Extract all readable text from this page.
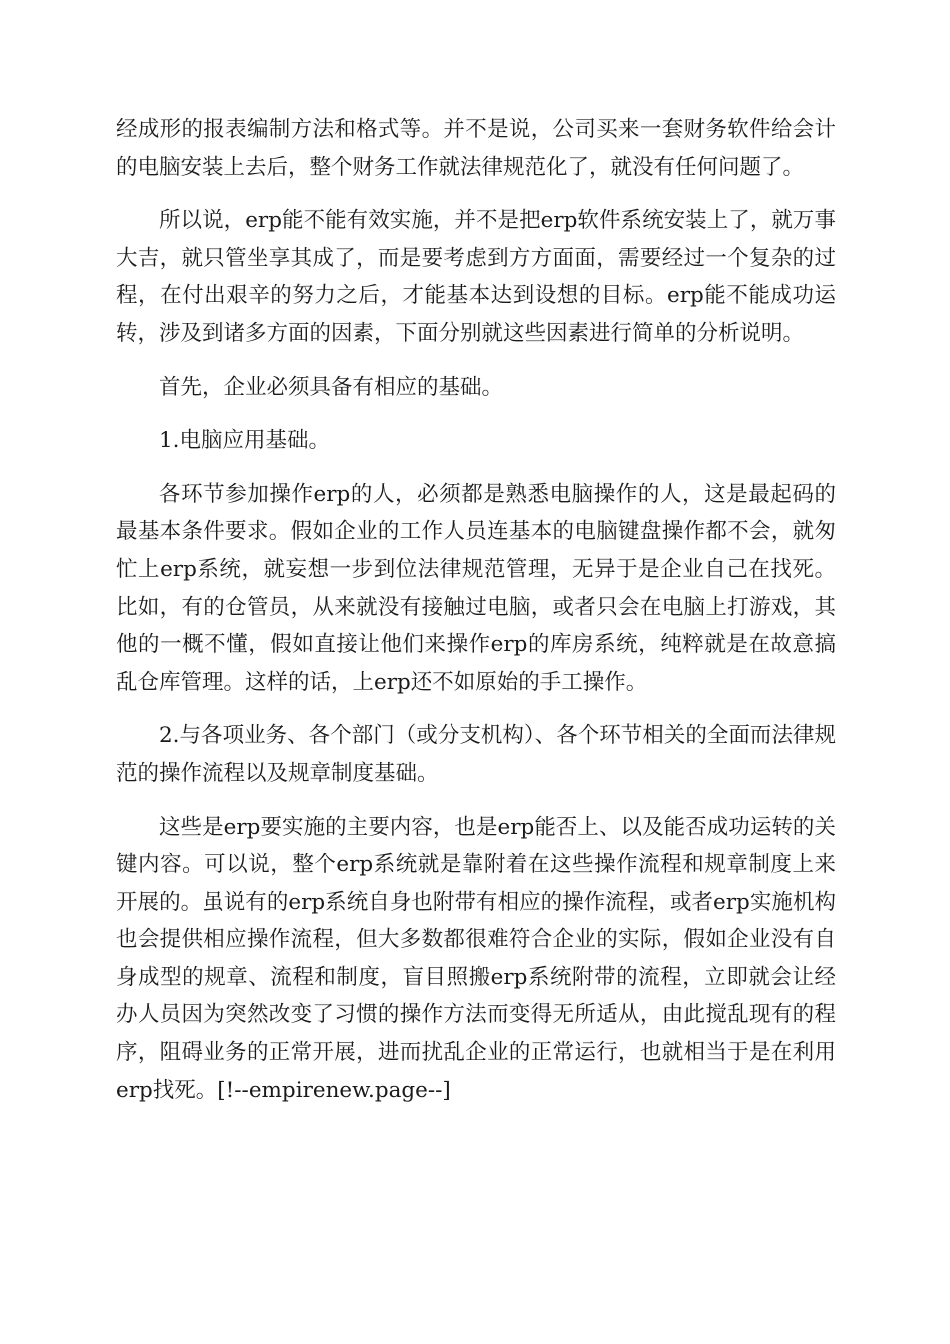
经成形的报表编制方法和格式等。并不是说，公司买来一套财务软件给会计的电脑安装上去后，整个财务工作就法律规范化了，就没有任何问题了。

所以说，erp能不能有效实施，并不是把erp软件系统安装上了，就万事大吉，就只管坐享其成了，而是要考虑到方方面面，需要经过一个复杂的过程，在付出艰辛的努力之后，才能基本达到设想的目标。erp能不能成功运转，涉及到诸多方面的因素，下面分别就这些因素进行简单的分析说明。

首先，企业必须具备有相应的基础。

1.电脑应用基础。

各环节参加操作erp的人，必须都是熟悉电脑操作的人，这是最起码的最基本条件要求。假如企业的工作人员连基本的电脑键盘操作都不会，就匆忙上erp系统，就妄想一步到位法律规范管理，无异于是企业自己在找死。比如，有的仓管员，从来就没有接触过电脑，或者只会在电脑上打游戏，其他的一概不懂，假如直接让他们来操作erp的库房系统，纯粹就是在故意搞乱仓库管理。这样的话，上erp还不如原始的手工操作。

2.与各项业务、各个部门（或分支机构）、各个环节相关的全面而法律规范的操作流程以及规章制度基础。

这些是erp要实施的主要内容，也是erp能否上、以及能否成功运转的关键内容。可以说，整个erp系统就是靠附着在这些操作流程和规章制度上来开展的。虽说有的erp系统自身也附带有相应的操作流程，或者erp实施机构也会提供相应操作流程，但大多数都很难符合企业的实际，假如企业没有自身成型的规章、流程和制度，盲目照搬erp系统附带的流程，立即就会让经办人员因为突然改变了习惯的操作方法而变得无所适从，由此搅乱现有的程序，阻碍业务的正常开展，进而扰乱企业的正常运行，也就相当于是在利用erp找死。[!--empirenew.page--]
